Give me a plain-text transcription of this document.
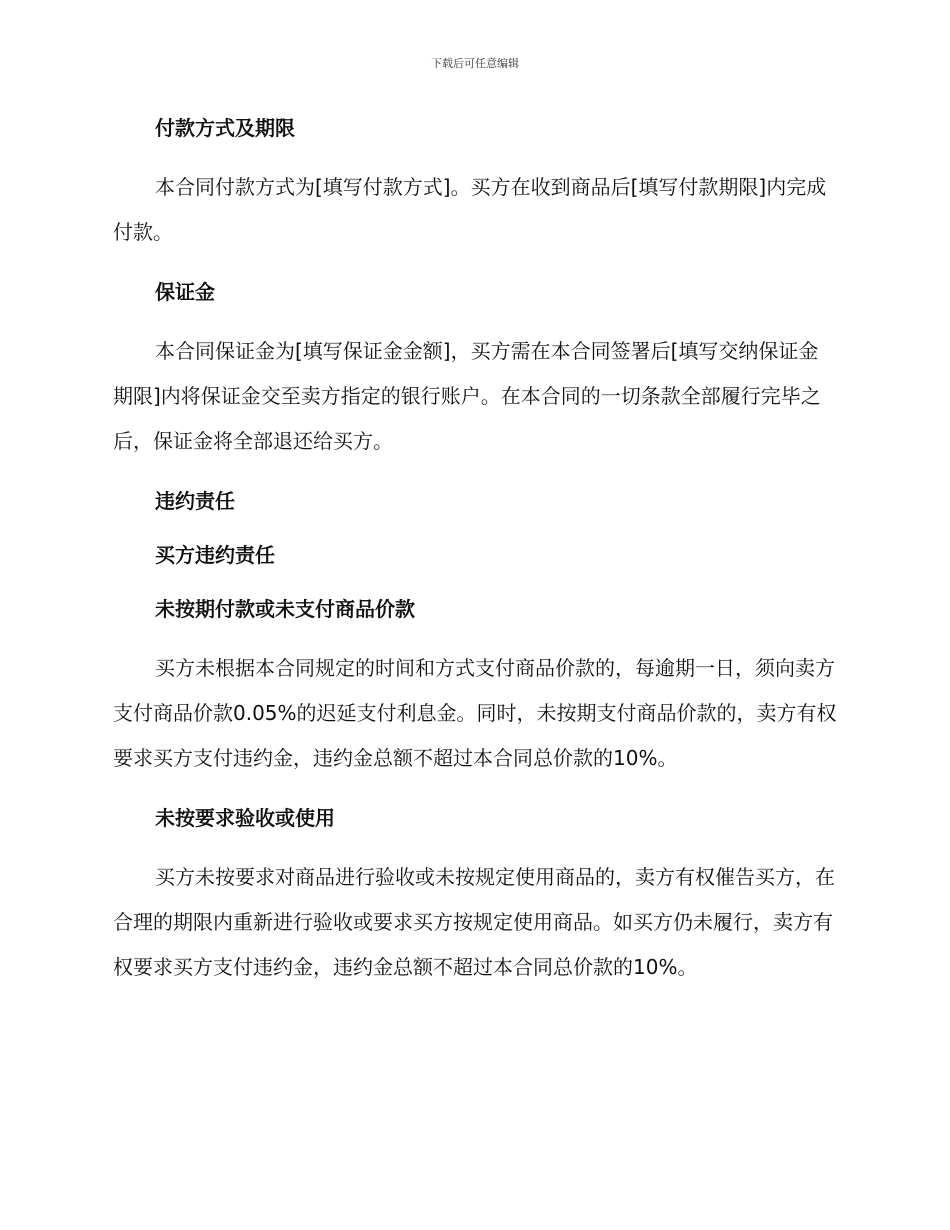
下载后可任意编辑
付款方式及期限
本合同付款方式为[填写付款方式]。买方在收到商品后[填写付款期限]内完成付款。
保证金
本合同保证金为[填写保证金金额]，买方需在本合同签署后[填写交纳保证金期限]内将保证金交至卖方指定的银行账户。在本合同的一切条款全部履行完毕之后，保证金将全部退还给买方。
违约责任
买方违约责任
未按期付款或未支付商品价款
买方未根据本合同规定的时间和方式支付商品价款的，每逾期一日，须向卖方支付商品价款0.05%的迟延支付利息金。同时，未按期支付商品价款的，卖方有权要求买方支付违约金，违约金总额不超过本合同总价款的10%。
未按要求验收或使用
买方未按要求对商品进行验收或未按规定使用商品的，卖方有权催告买方，在合理的期限内重新进行验收或要求买方按规定使用商品。如买方仍未履行，卖方有权要求买方支付违约金，违约金总额不超过本合同总价款的10%。
